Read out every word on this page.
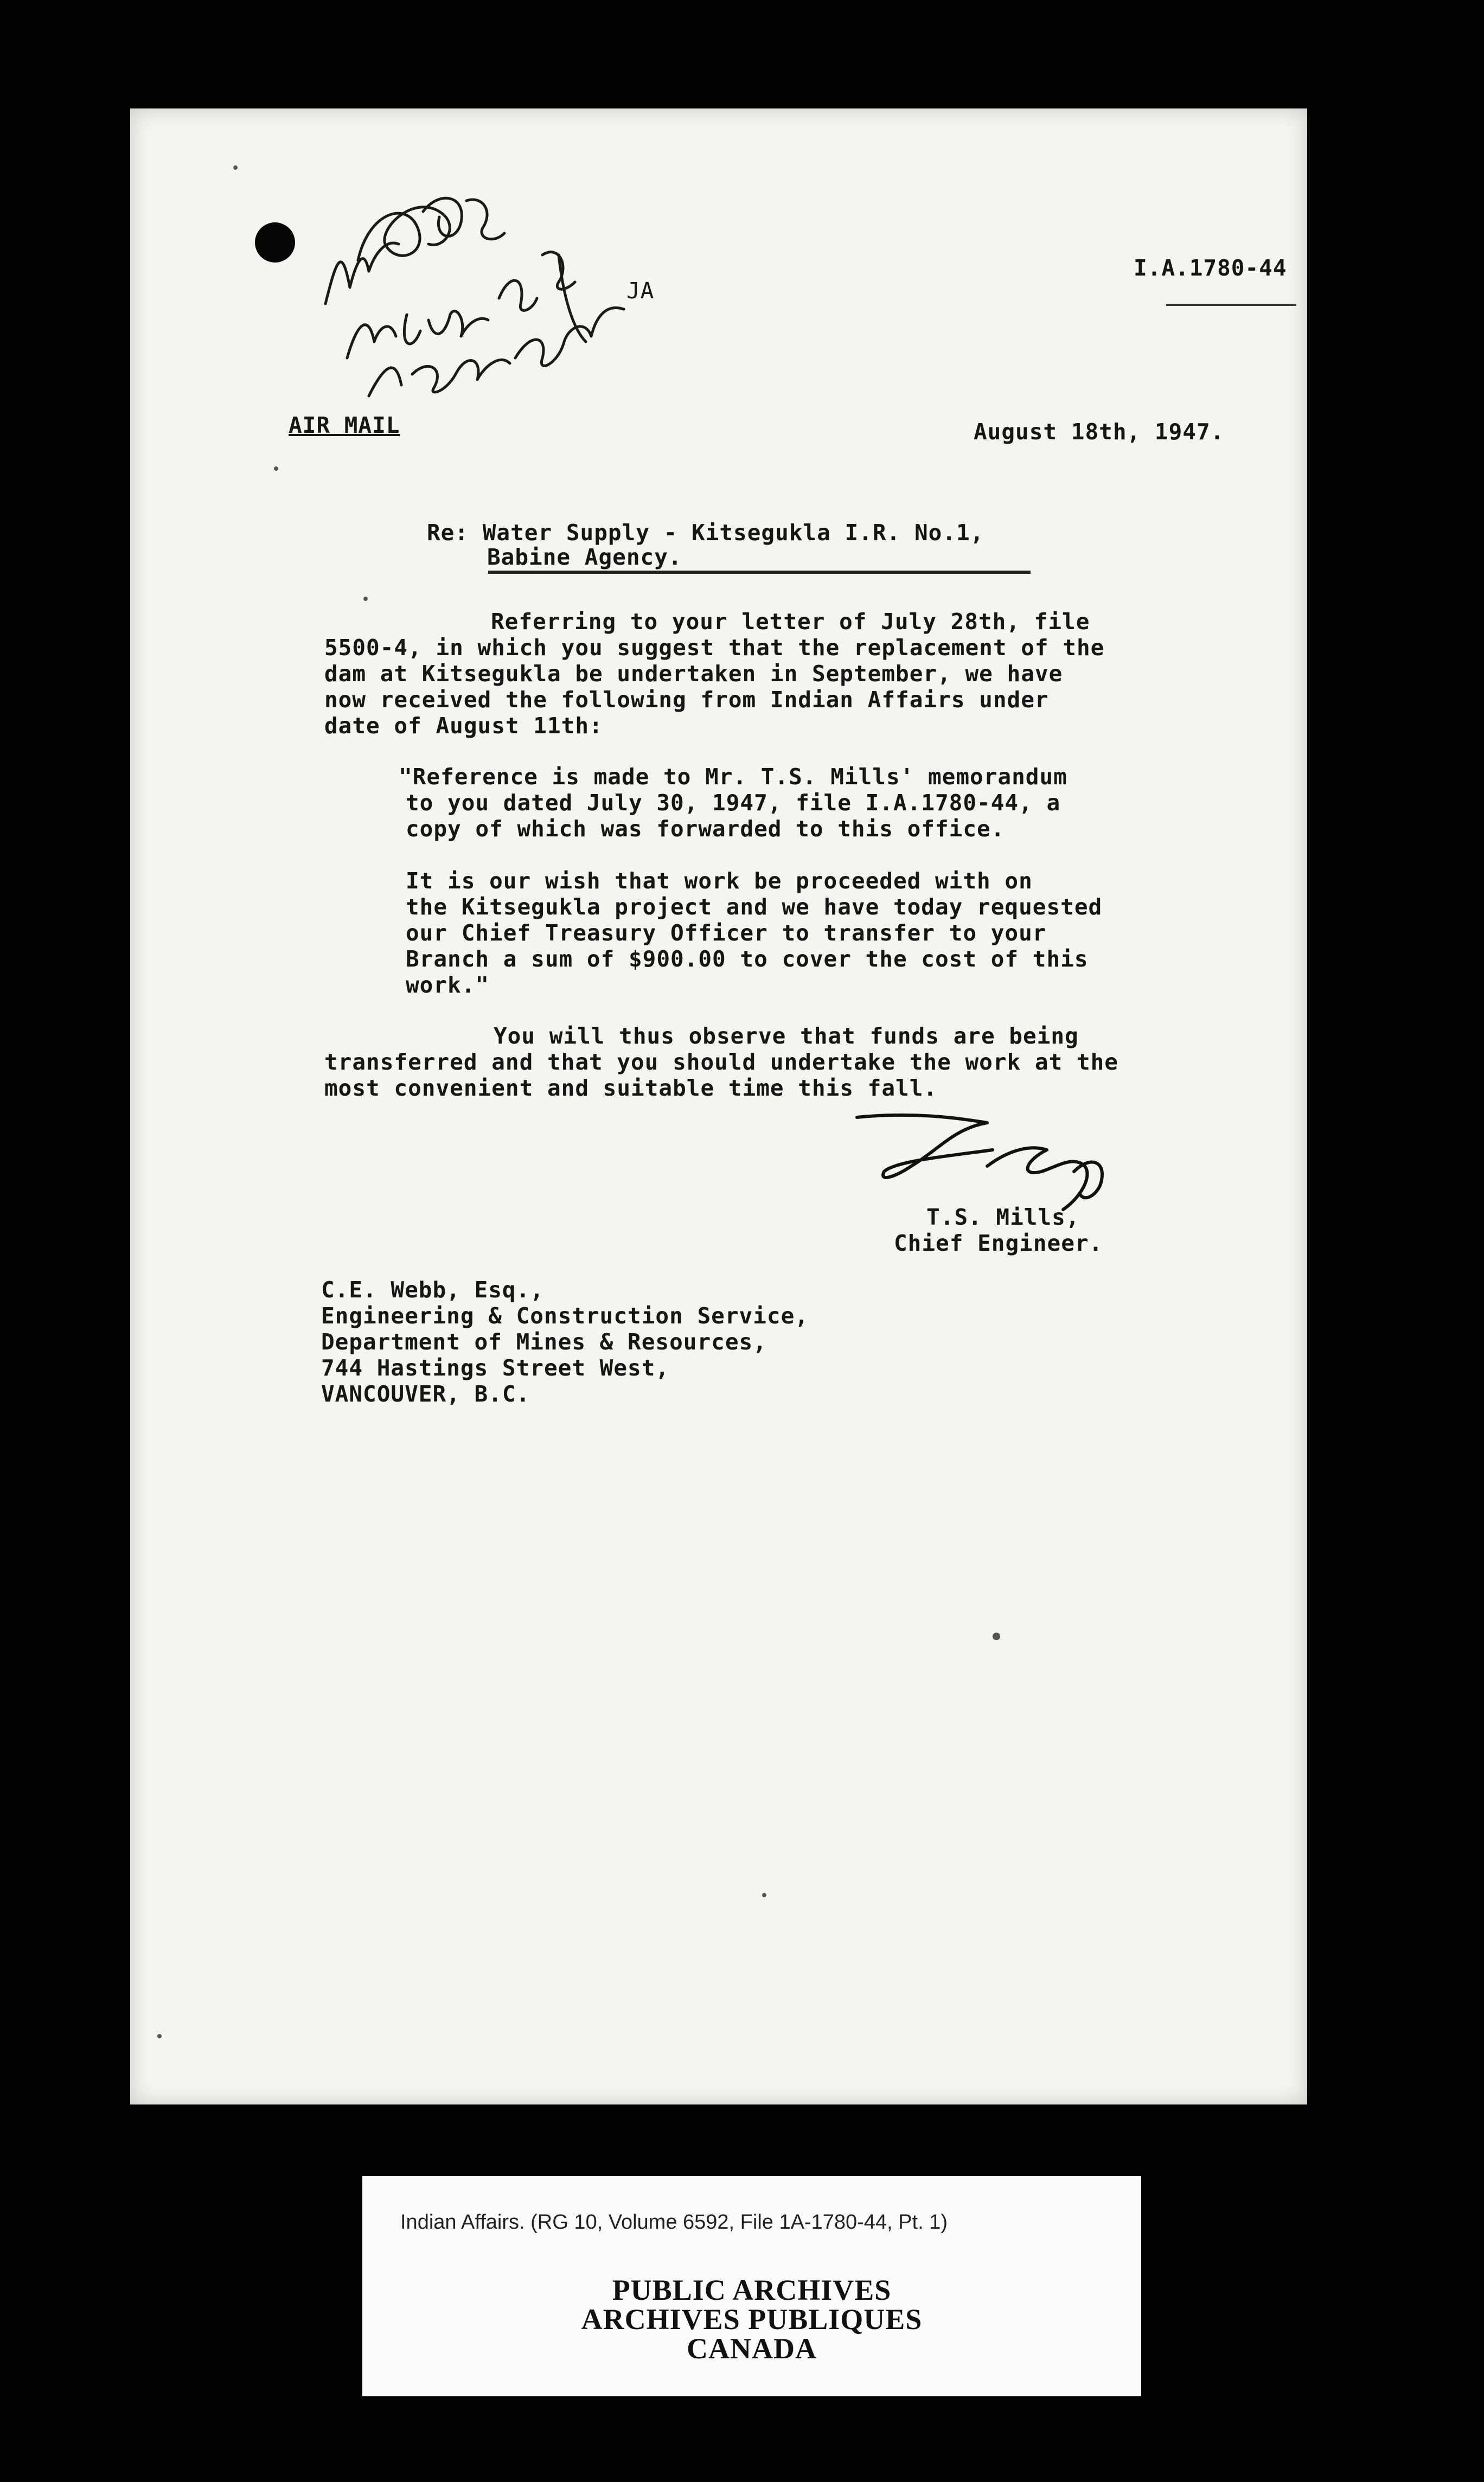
JA
I.A.1780-44
AIR MAIL	August 18th, 1947.
Re: Water Supply - Kitsegukla I.R. No.1,
Babine Agency.
Referring to your letter of July 28th, file
5500-4, in which you suggest that the replacement of the
dam at Kitsegukla be undertaken in September, we have
now received the following from Indian Affairs under
date of August 11th:
"Reference is made to Mr. T.S. Mills' memorandum
to you dated July 30, 1947, file I.A.1780-44, a
copy of which was forwarded to this office.
It is our wish that work be proceeded with on
the Kitsegukla project and we have today requested
our Chief Treasury Officer to transfer to your
Branch a sum of $900.00 to cover the cost of this
work."
You will thus observe that funds are being
transferred and that you should undertake the work at the
most convenient and suitable time this fall.
T.S. Mills,
Chief Engineer.
C.E. Webb, Esq.,
Engineering & Construction Service,
Department of Mines & Resources,
744 Hastings Street West,
VANCOUVER, B.C.
Indian Affairs. (RG 10, Volume 6592, File 1A-1780-44, Pt. 1)
PUBLIC ARCHIVES
ARCHIVES PUBLIQUES
CANADA
